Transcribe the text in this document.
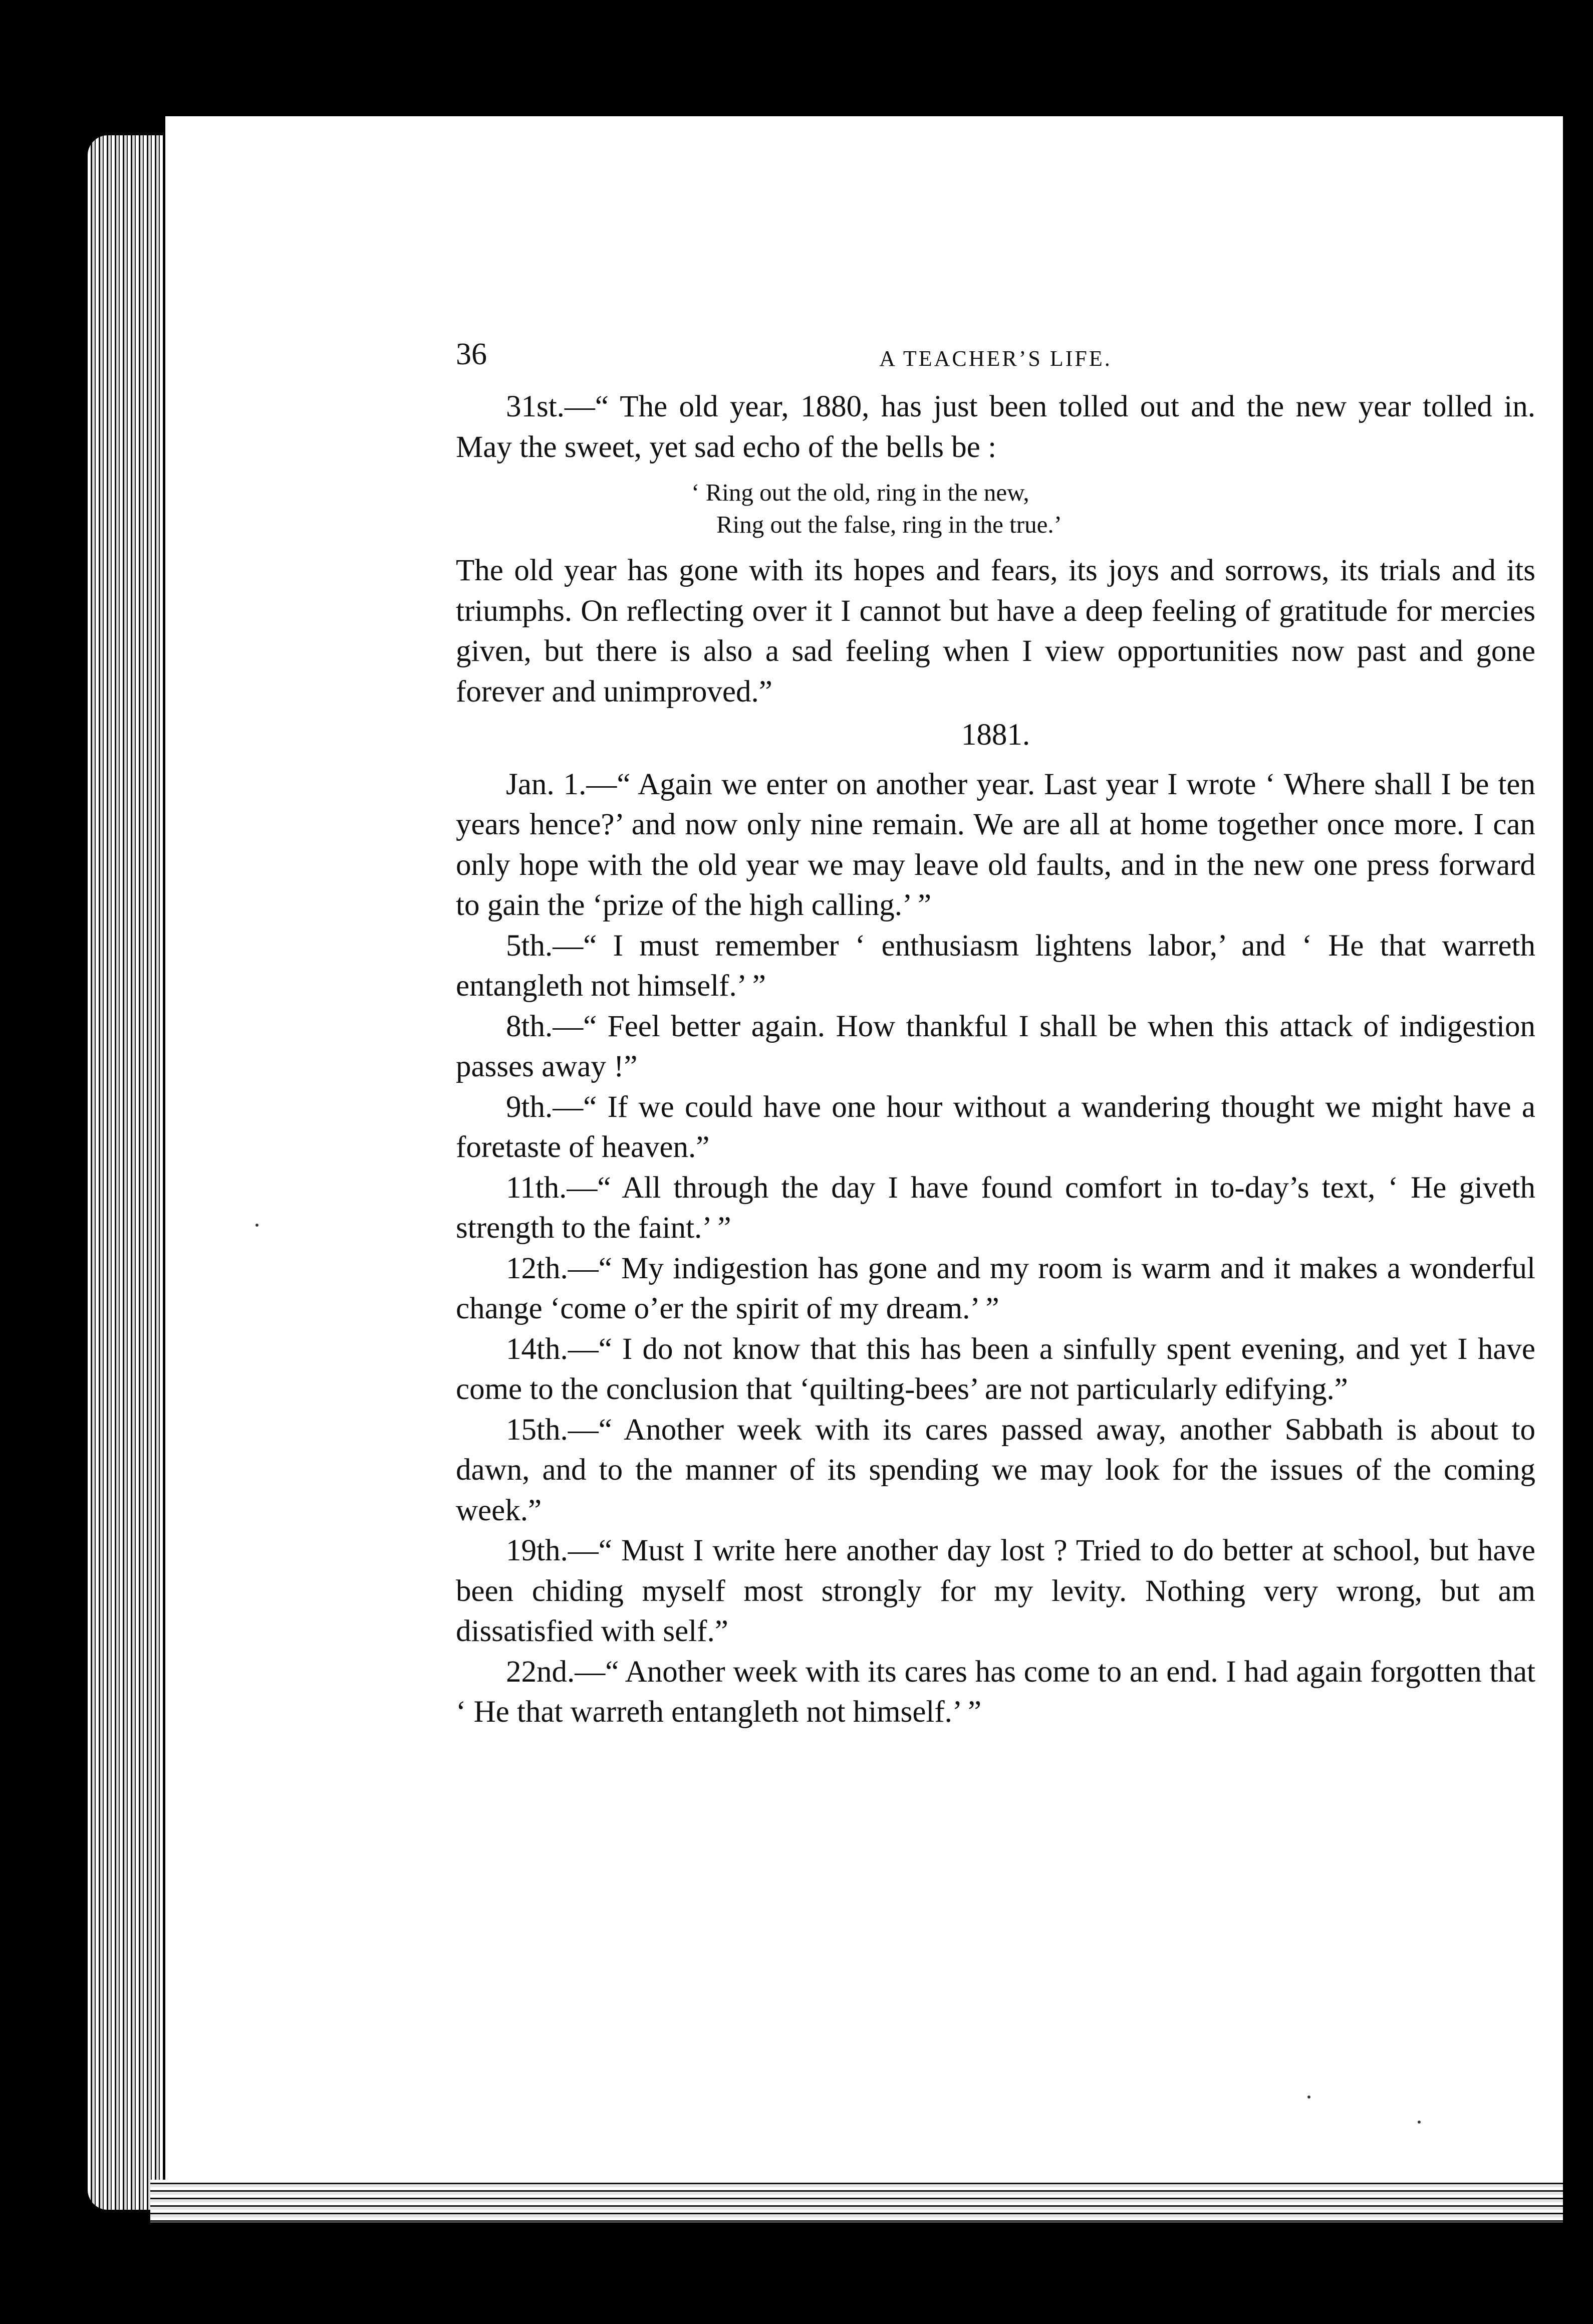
36	A TEACHER’S LIFE.

31st.—“ The old year, 1880, has just been tolled out and the new year tolled in. May the sweet, yet sad echo of the bells be :

‘ Ring out the old, ring in the new,
Ring out the false, ring in the true.’

The old year has gone with its hopes and fears, its joys and sorrows, its trials and its triumphs. On reflecting over it I cannot but have a deep feeling of gratitude for mercies given, but there is also a sad feeling when I view opportunities now past and gone forever and unimproved.”

1881.

Jan. 1.—“ Again we enter on another year. Last year I wrote ‘ Where shall I be ten years hence?’ and now only nine remain. We are all at home together once more. I can only hope with the old year we may leave old faults, and in the new one press forward to gain the ‘prize of the high calling.’ ”

5th.—“ I must remember ‘ enthusiasm lightens labor,’ and ‘ He that warreth entangleth not himself.’ ”

8th.—“ Feel better again. How thankful I shall be when this attack of indigestion passes away !”

9th.—“ If we could have one hour without a wandering thought we might have a foretaste of heaven.”

11th.—“ All through the day I have found comfort in to-day’s text, ‘ He giveth strength to the faint.’ ”

12th.—“ My indigestion has gone and my room is warm and it makes a wonderful change ‘come o’er the spirit of my dream.’ ”

14th.—“ I do not know that this has been a sinfully spent evening, and yet I have come to the conclusion that ‘quilting-bees’ are not particularly edifying.”

15th.—“ Another week with its cares passed away, another Sabbath is about to dawn, and to the manner of its spending we may look for the issues of the coming week.”

19th.—“ Must I write here another day lost ? Tried to do better at school, but have been chiding myself most strongly for my levity. Nothing very wrong, but am dissatisfied with self.”

22nd.—“ Another week with its cares has come to an end. I had again forgotten that ‘ He that warreth entangleth not himself.’ ”
